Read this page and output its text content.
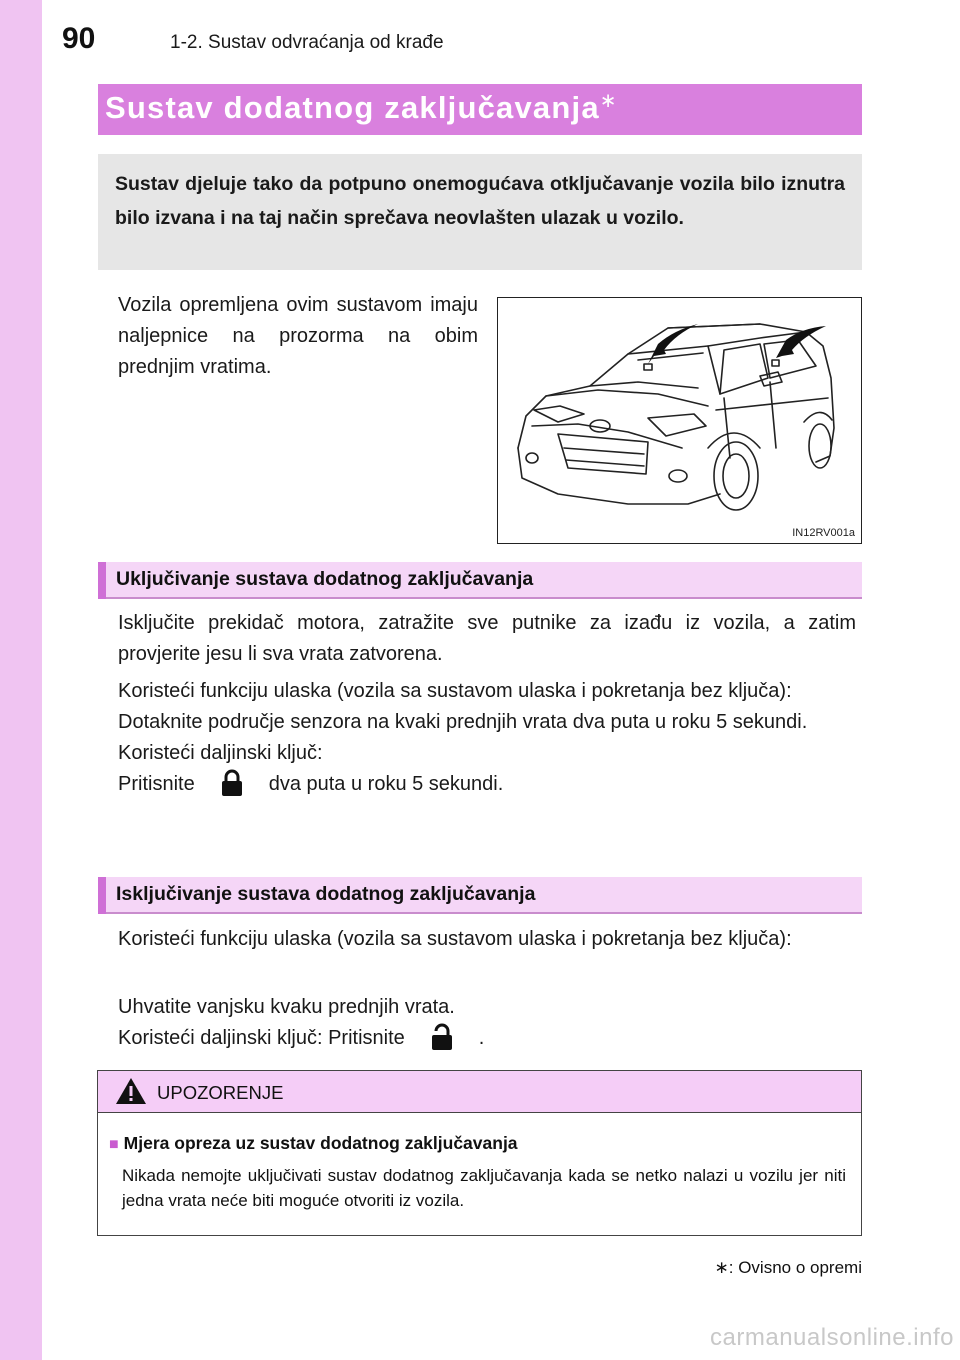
90	1-2. Sustav odvraćanja od krađe
Sustav dodatnog zaključavanja∗

Sustav djeluje tako da potpuno onemogućava otključavanje vozila bilo iznutra bilo izvana i na taj način sprečava neovlašten ulazak u vozilo.

Vozila opremljena ovim sustavom imaju naljepnice na prozorma na obim prednjim vratima.

IN12RV001a
Uključivanje sustava dodatnog zaključavanja

Isključite prekidač motora, zatražite sve putnike za izađu iz vozila, a zatim provjerite jesu li sva vrata zatvorena.

Koristeći funkciju ulaska (vozila sa sustavom ulaska i pokretanja bez ključa):
Dotaknite područje senzora na kvaki prednjih vrata dva puta u roku 5 sekundi.
Koristeći daljinski ključ:
Pritisnite	dva puta u roku 5 sekundi.
Isključivanje sustava dodatnog zaključavanja

Koristeći funkciju ulaska (vozila sa sustavom ulaska i pokretanja bez ključa):

Uhvatite vanjsku kvaku prednjih vrata.
Koristeći daljinski ključ: Pritisnite	.
UPOZORENJE
■ Mjera opreza uz sustav dodatnog zaključavanja

Nikada nemojte uključivati sustav dodatnog zaključavanja kada se netko nalazi u vozilu jer niti jedna vrata neće biti moguće otvoriti iz vozila.

∗: Ovisno o opremi
carmanualsonline.info
